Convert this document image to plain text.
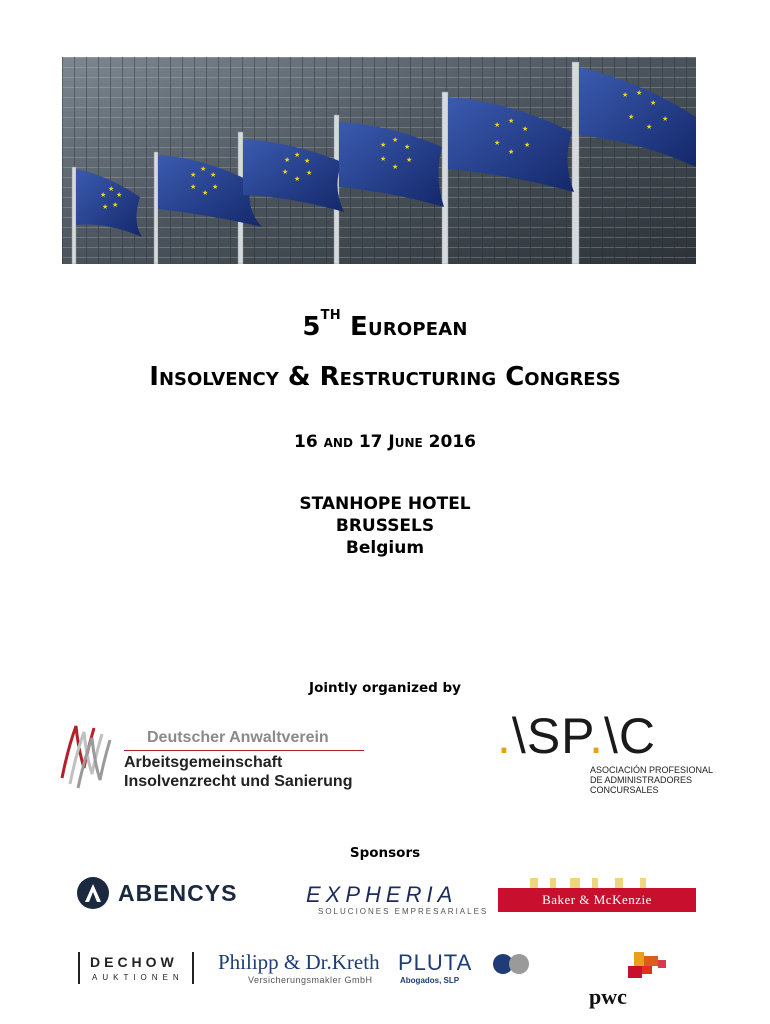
★
★
★
★
★
★
★
★
★
★
★
★
★
★
★
★
★
★
★
★
★
★
★
★ ★
★
★
★
★
★ ★
★
★
★
★
5TH European
Insolvency & Restructuring Congress
16 and 17 June 2016
STANHOPE HOTEL
BRUSSELS
Belgium
Jointly organized by
Deutscher Anwaltverein
Arbeitsgemeinschaft
Insolvenzrecht und Sanierung
.\SP.\C
ASOCIACIÓN PROFESIONAL
DE ADMINISTRADORES
CONCURSALES
Sponsors
ABENCYS	EXPHERIA
SOLUCIONES EMPRESARIALES
Baker & McKenzie
DECHOW
AUKTIONEN
Philipp & Dr.Kreth
Versicherungsmakler GmbH
PLUTA
Abogados, SLP
pwc
